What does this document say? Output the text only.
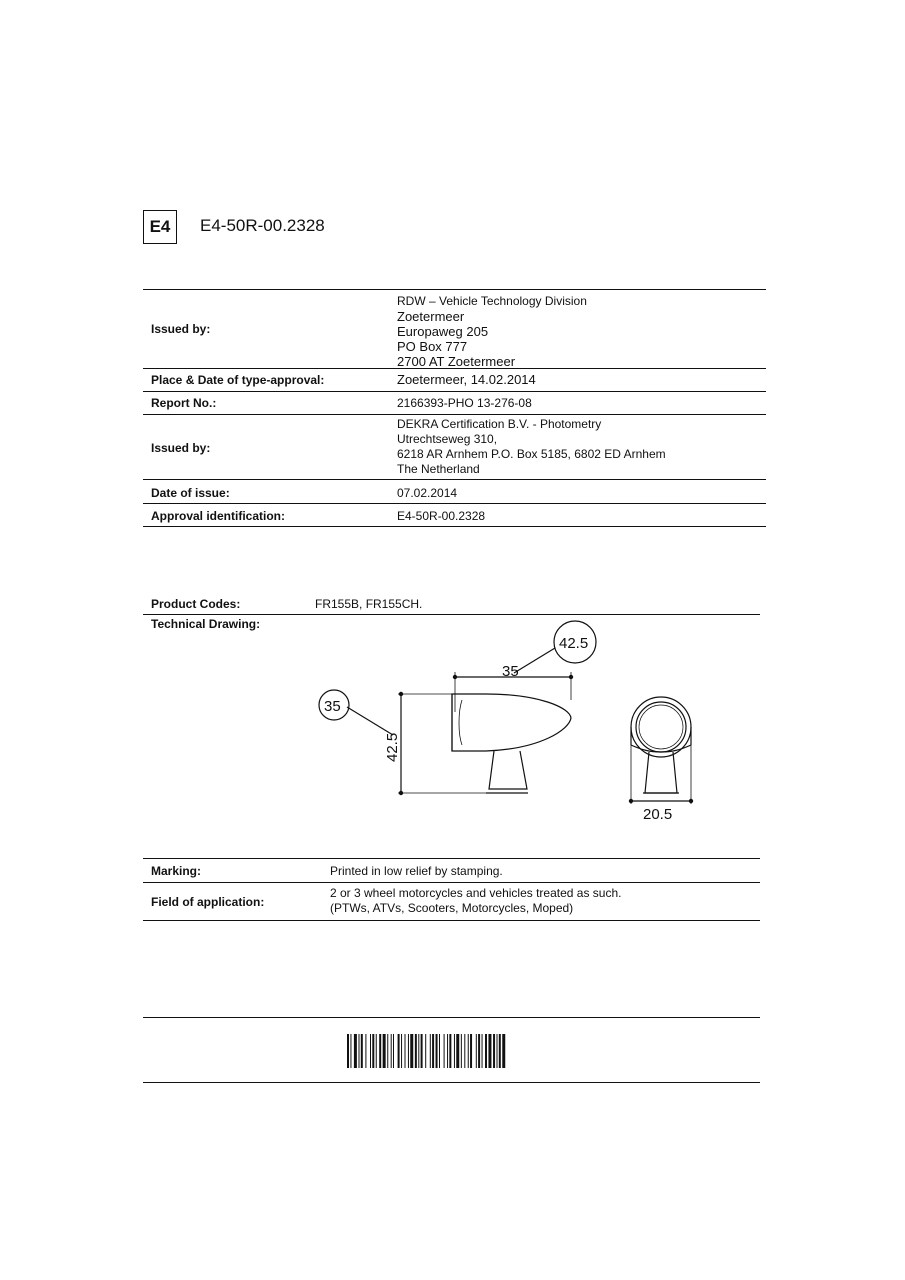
E4 E4-50R-00.2328
Issued by:
RDW – Vehicle Technology Division
Zoetermeer
Europaweg 205
PO Box 777
2700 AT Zoetermeer
Place & Date of type-approval:	Zoetermeer, 14.02.2014
Report No.:	2166393-PHO 13-276-08
Issued by:
DEKRA Certification B.V. - Photometry
Utrechtseweg 310,
6218 AR Arnhem P.O. Box 5185, 6802 ED Arnhem
The Netherland
Date of issue:	07.02.2014
Approval identification:	E4-50R-00.2328
Product Codes:	FR155B, FR155CH.
Technical Drawing:
35
42.5
35
42.5
20.5
Marking:	Printed in low relief by stamping.
Field of application:
2 or 3 wheel motorcycles and vehicles treated as such.
(PTWs, ATVs, Scooters, Motorcycles, Moped)
